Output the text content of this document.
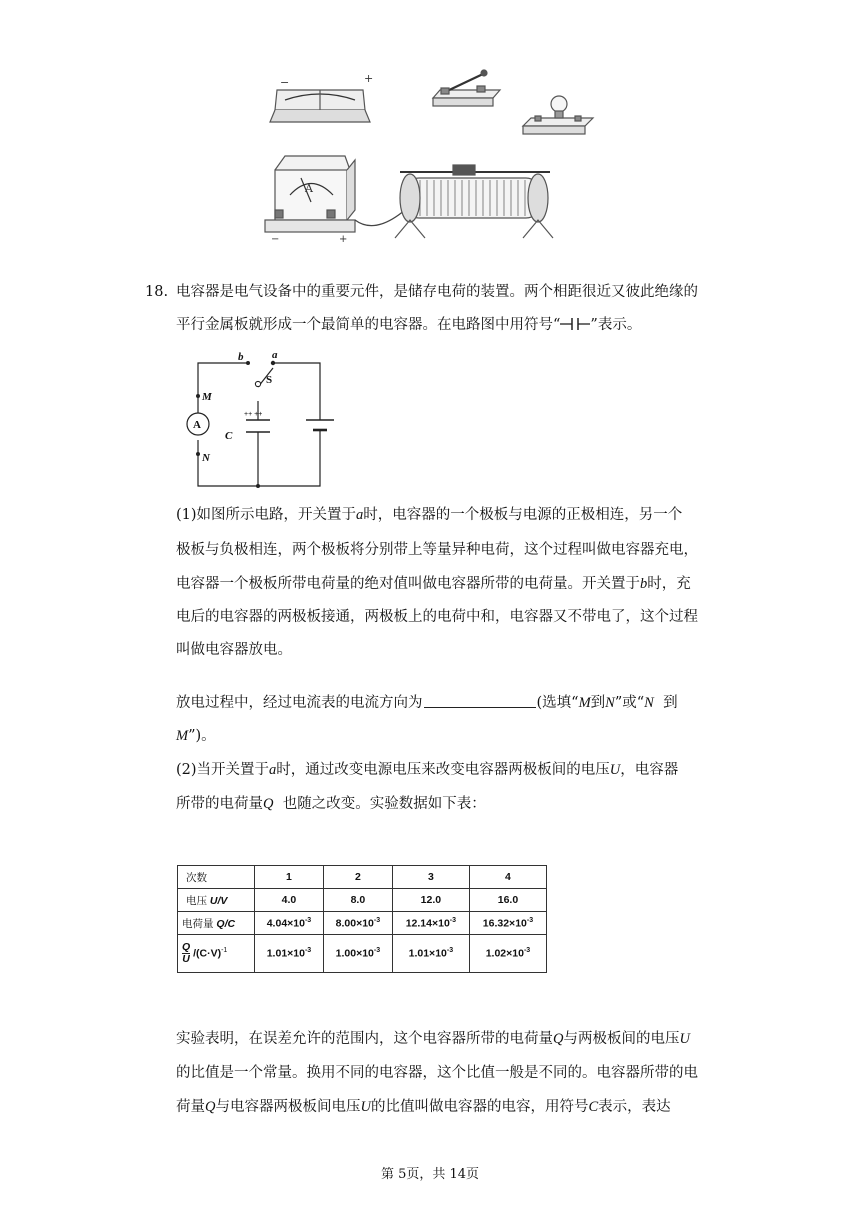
−	+
A
−	+
18. 电容器是电气设备中的重要元件，是储存电荷的装置。两个相距很近又彼此绝缘的
平行金属板就形成一个最简单的电容器。在电路图中用符号“ ”表示。
b	a
S
M
N
A
C
++ ++
(1)如图所示电路，开关置于a时，电容器的一个极板与电源的正极相连，另一个
极板与负极相连，两个极板将分别带上等量异种电荷，这个过程叫做电容器充电，
电容器一个极板所带电荷量的绝对值叫做电容器所带的电荷量。开关置于b时，充
电后的电容器的两极板接通，两极板上的电荷中和，电容器又不带电了，这个过程
叫做电容器放电。
放电过程中，经过电流表的电流方向为	(选填“M到N”或“N 到
M”)。
(2)当开关置于a时，通过改变电源电压来改变电容器两极板间的电压U，电容器
所带的电荷量Q 也随之改变。实验数据如下表：
次数	1	2	3	4
电压 U/V	4.0	8.0	12.0	16.0
电荷量 Q/C	$4.04\times 10^{-3}$	$8.00\times 10^{-3}$	$12.14\times 10^{-3}$	$16.32\times 10^{-3}$

$\frac{Q}{U} /(C\cdot V)^{-1}$	$1.01\times 10^{-3}$	$1.00\times 10^{-3}$	$1.01\times 10^{-3}$	$1.02\times 10^{-3}$
实验表明，在误差允许的范围内，这个电容器所带的电荷量Q与两极板间的电压U
的比值是一个常量。换用不同的电容器，这个比值一般是不同的。电容器所带的电
荷量Q与电容器两极板间电压U的比值叫做电容器的电容，用符号C表示，表达
第 5页，共 14页
